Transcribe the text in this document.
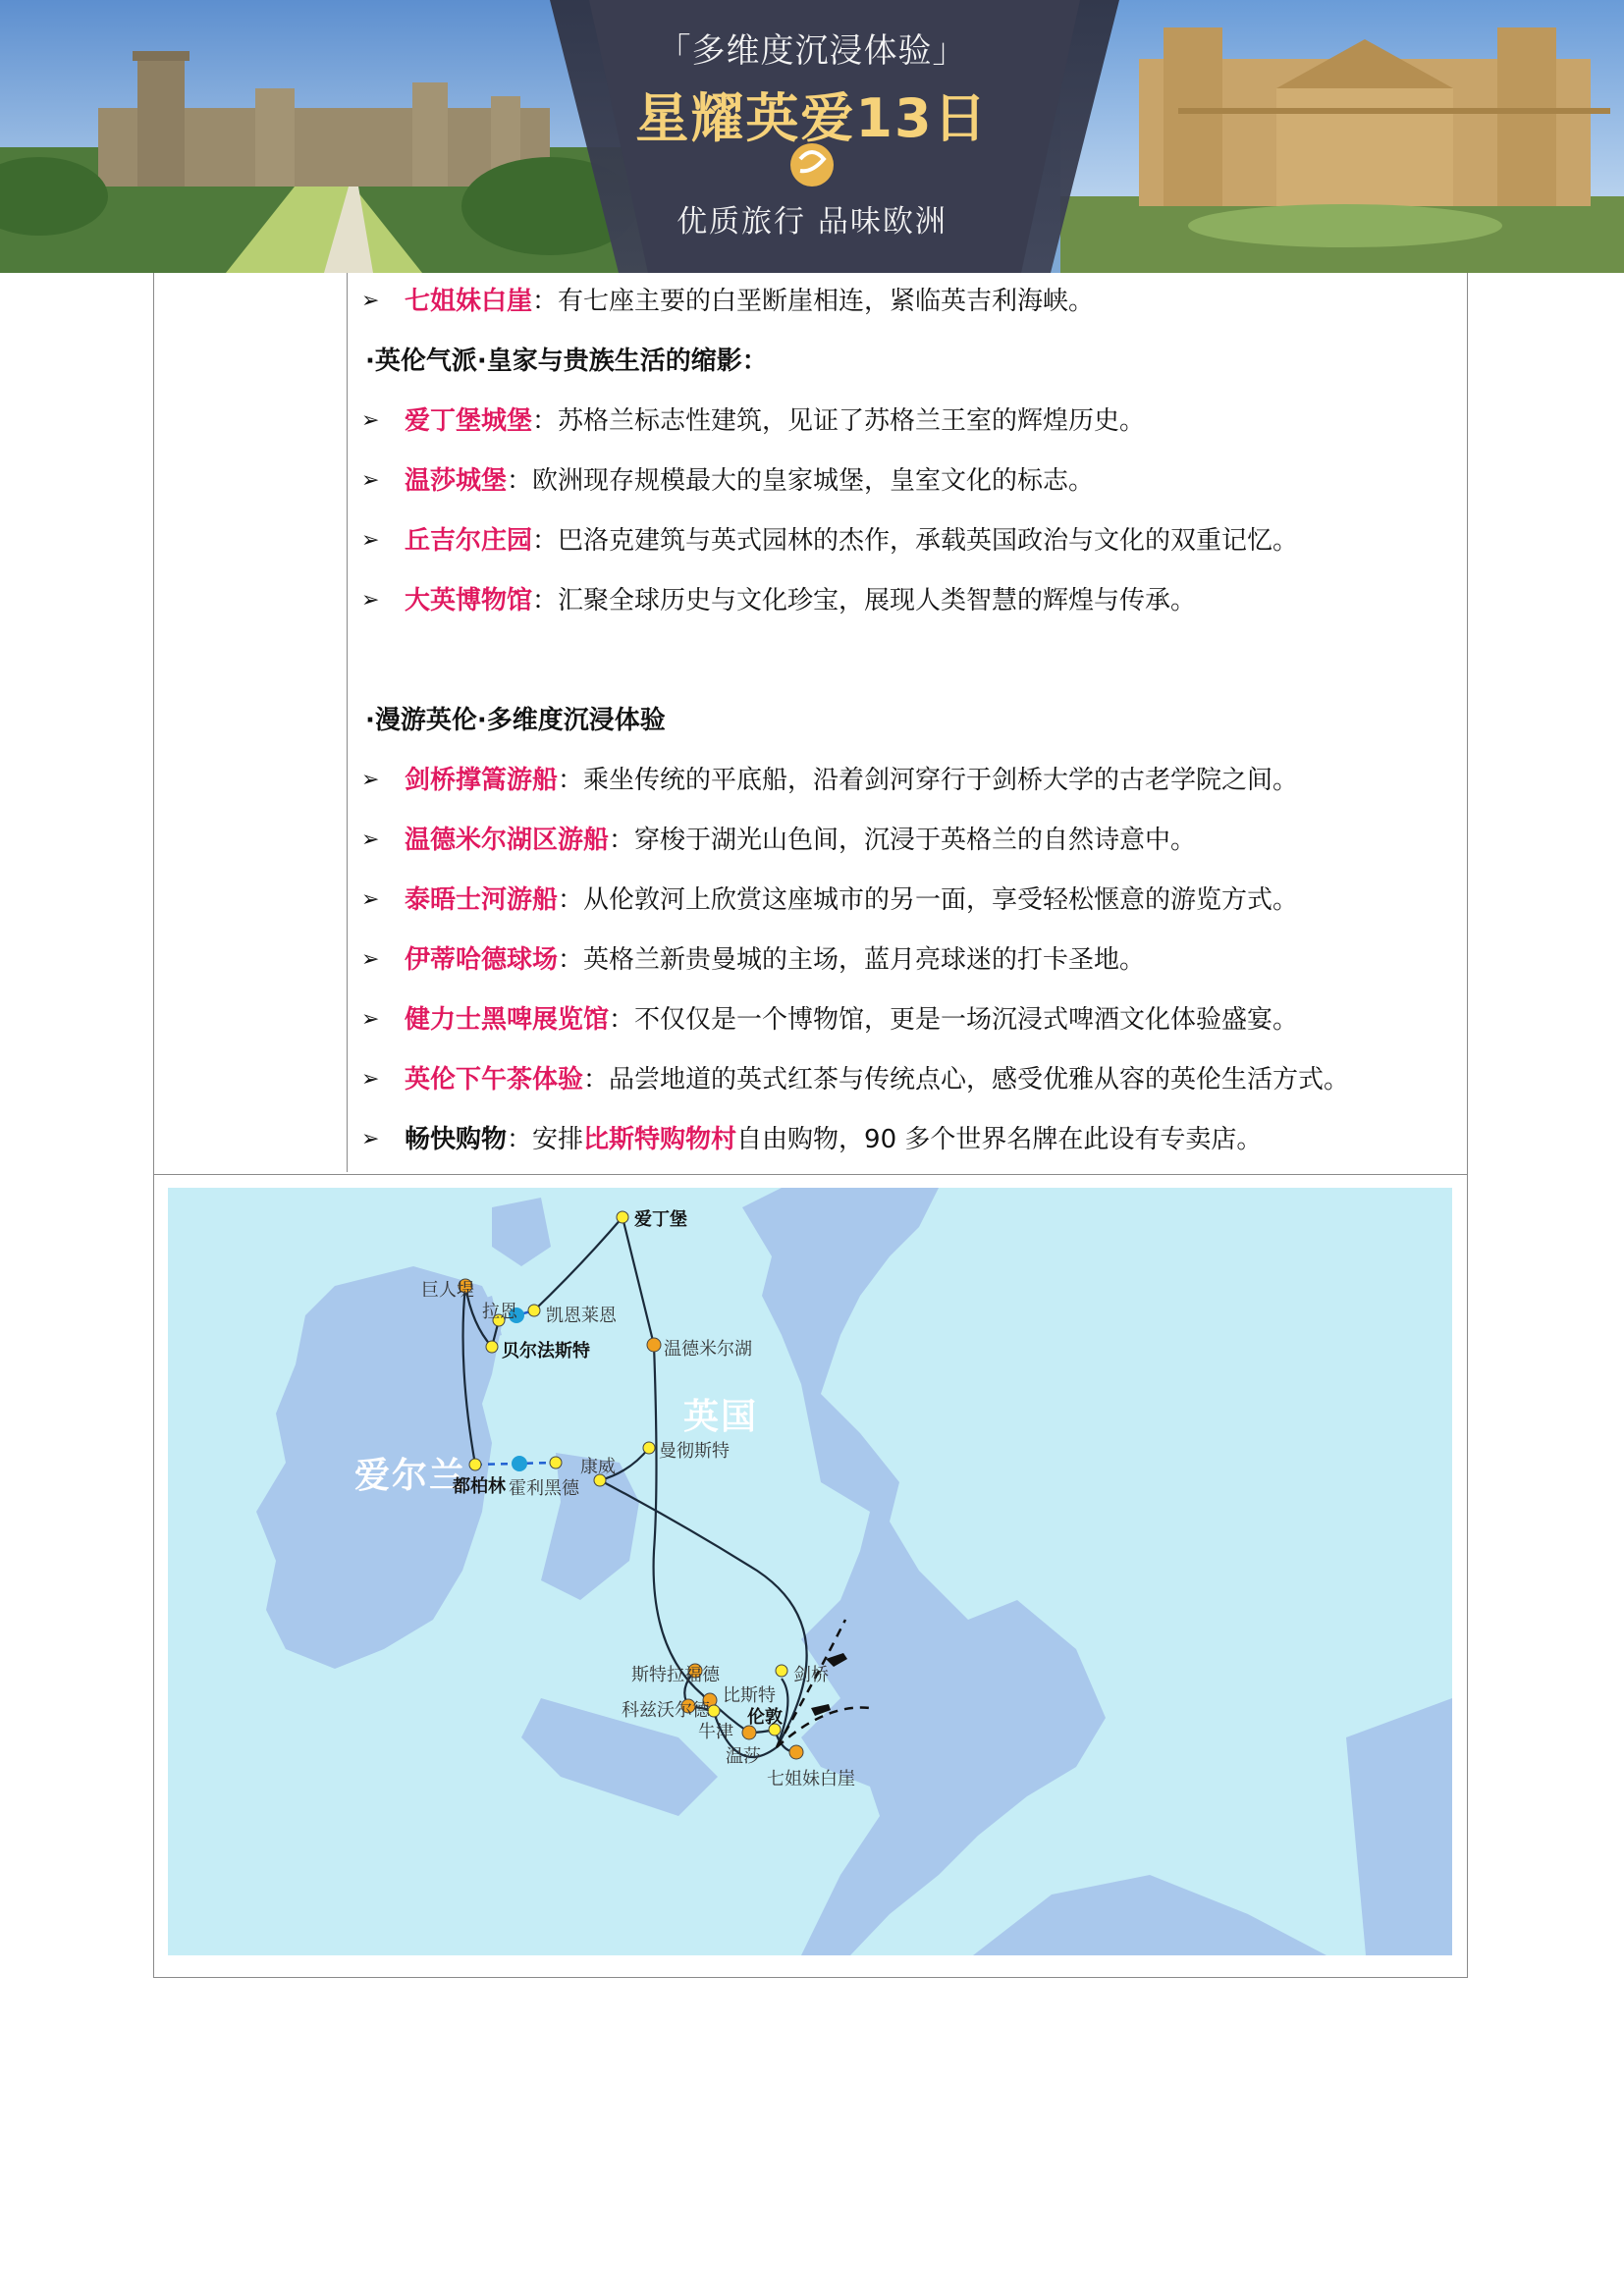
「多维度沉浸体验」
星耀英爱13日
优质旅行 品味欧洲
➢ 七姐妹白崖：有七座主要的白垩断崖相连，紧临英吉利海峡。
·英伦气派·皇家与贵族生活的缩影：
➢ 爱丁堡城堡：苏格兰标志性建筑，见证了苏格兰王室的辉煌历史。
➢ 温莎城堡：欧洲现存规模最大的皇家城堡，皇室文化的标志。
➢ 丘吉尔庄园：巴洛克建筑与英式园林的杰作，承载英国政治与文化的双重记忆。
➢ 大英博物馆：汇聚全球历史与文化珍宝，展现人类智慧的辉煌与传承。
·漫游英伦·多维度沉浸体验
➢ 剑桥撑篙游船：乘坐传统的平底船，沿着剑河穿行于剑桥大学的古老学院之间。
➢ 温德米尔湖区游船：穿梭于湖光山色间，沉浸于英格兰的自然诗意中。
➢ 泰晤士河游船：从伦敦河上欣赏这座城市的另一面，享受轻松惬意的游览方式。
➢ 伊蒂哈德球场：英格兰新贵曼城的主场，蓝月亮球迷的打卡圣地。
➢ 健力士黑啤展览馆：不仅仅是一个博物馆，更是一场沉浸式啤酒文化体验盛宴。
➢ 英伦下午茶体验：品尝地道的英式红茶与传统点心，感受优雅从容的英伦生活方式。
➢ 畅快购物：安排比斯特购物村自由购物，90 多个世界名牌在此设有专卖店。
爱尔兰
英国
爱丁堡
巨人堤
拉恩 凯恩莱恩
贝尔法斯特	温德米尔湖
曼彻斯特
都柏林 霍利黑德
康威
斯特拉福德	剑桥
比斯特
科兹沃尔德 伦敦
牛津
温莎
七姐妹白崖
